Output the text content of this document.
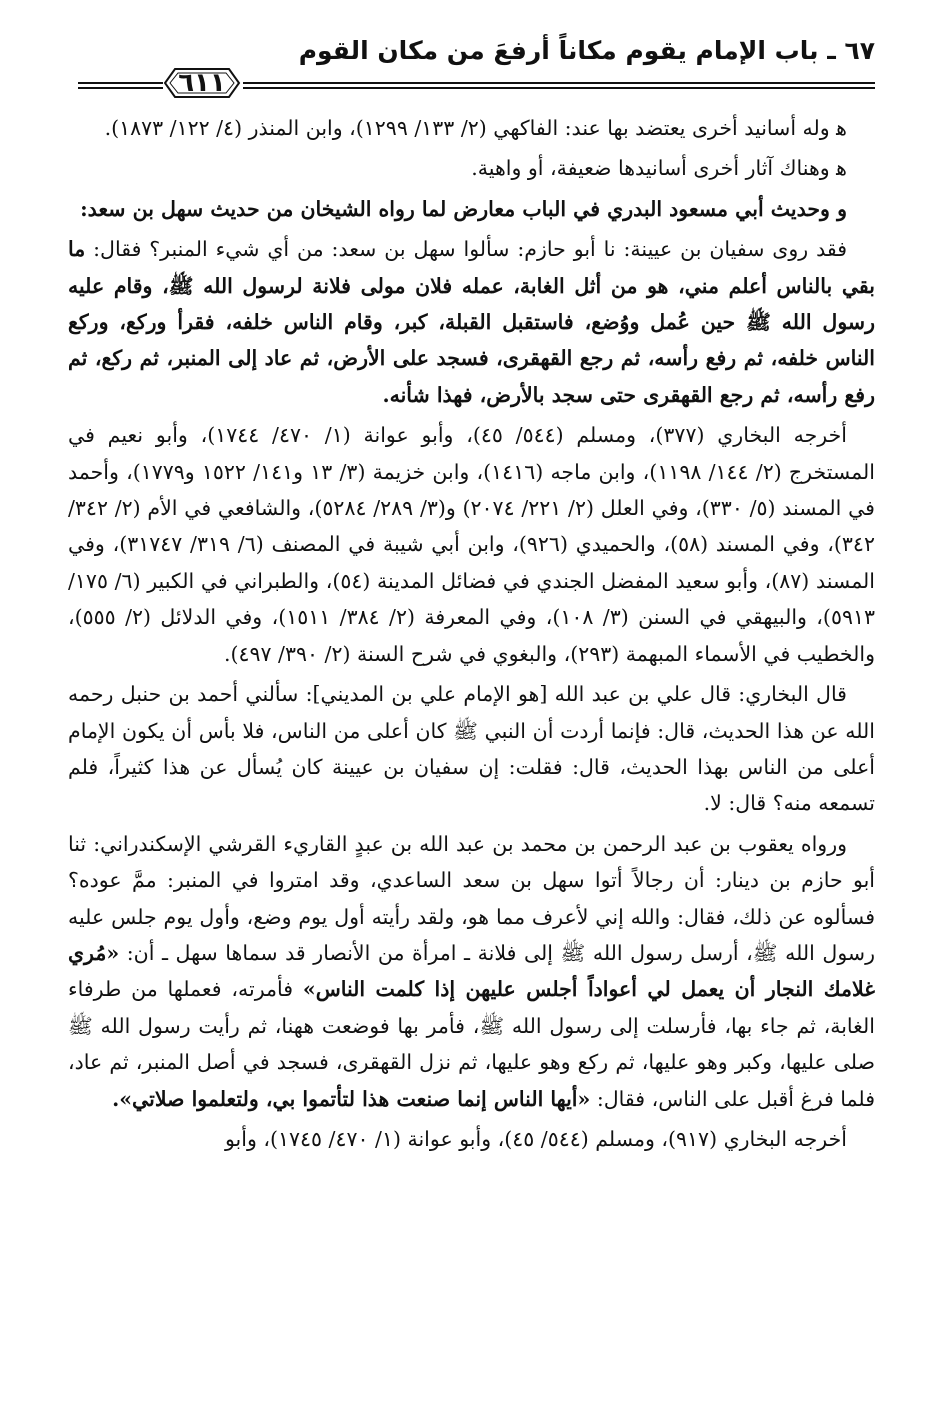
٦٧ ـ باب الإمام يقوم مكاناً أرفعَ من مكان القوم
٦١١

ﻫ وله أسانيد أخرى يعتضد بها عند: الفاكهي (٢/ ١٣٣/ ١٢٩٩)، وابن المنذر (٤/ ١٢٢/ ١٨٧٣).

ﻫ وهناك آثار أخرى أسانيدها ضعيفة، أو واهية.

ﻭ وحديث أبي مسعود البدري في الباب معارض لما رواه الشيخان من حديث سهل بن سعد:

فقد روى سفيان بن عيينة: نا أبو حازم: سألوا سهل بن سعد: من أي شيء المنبر؟ فقال: ما بقي بالناس أعلم مني، هو من أثل الغابة، عمله فلان مولى فلانة لرسول الله ﷺ، وقام عليه رسول الله ﷺ حين عُمل ووُضع، فاستقبل القبلة، كبر، وقام الناس خلفه، فقرأ وركع، وركع الناس خلفه، ثم رفع رأسه، ثم رجع القهقرى، فسجد على الأرض، ثم عاد إلى المنبر، ثم ركع، ثم رفع رأسه، ثم رجع القهقرى حتى سجد بالأرض، فهذا شأنه.

أخرجه البخاري (٣٧٧)، ومسلم (٥٤٤/ ٤٥)، وأبو عوانة (١/ ٤٧٠/ ١٧٤٤)، وأبو نعيم في المستخرج (٢/ ١٤٤/ ١١٩٨)، وابن ماجه (١٤١٦)، وابن خزيمة (٣/ ١٣ و١٤١/ ١٥٢٢ و١٧٧٩)، وأحمد في المسند (٥/ ٣٣٠)، وفي العلل (٢/ ٢٢١/ ٢٠٧٤) و(٣/ ٢٨٩/ ٥٢٨٤)، والشافعي في الأم (٢/ ٣٤٢/ ٣٤٢)، وفي المسند (٥٨)، والحميدي (٩٢٦)، وابن أبي شيبة في المصنف (٦/ ٣١٩/ ٣١٧٤٧)، وفي المسند (٨٧)، وأبو سعيد المفضل الجندي في فضائل المدينة (٥٤)، والطبراني في الكبير (٦/ ١٧٥/ ٥٩١٣)، والبيهقي في السنن (٣/ ١٠٨)، وفي المعرفة (٢/ ٣٨٤/ ١٥١١)، وفي الدلائل (٢/ ٥٥٥)، والخطيب في الأسماء المبهمة (٢٩٣)، والبغوي في شرح السنة (٢/ ٣٩٠/ ٤٩٧).

قال البخاري: قال علي بن عبد الله [هو الإمام علي بن المديني]: سألني أحمد بن حنبل رحمه الله عن هذا الحديث، قال: فإنما أردت أن النبي ﷺ كان أعلى من الناس، فلا بأس أن يكون الإمام أعلى من الناس بهذا الحديث، قال: فقلت: إن سفيان بن عيينة كان يُسأل عن هذا كثيراً، فلم تسمعه منه؟ قال: لا.

ورواه يعقوب بن عبد الرحمن بن محمد بن عبد الله بن عبدٍ القاريء القرشي الإسكندراني: ثنا أبو حازم بن دينار: أن رجالاً أتوا سهل بن سعد الساعدي، وقد امتروا في المنبر: ممَّ عوده؟ فسألوه عن ذلك، فقال: والله إني لأعرف مما هو، ولقد رأيته أول يوم وضع، وأول يوم جلس عليه رسول الله ﷺ، أرسل رسول الله ﷺ إلى فلانة ـ امرأة من الأنصار قد سماها سهل ـ أن: «مُري غلامك النجار أن يعمل لي أعواداً أجلس عليهن إذا كلمت الناس» فأمرته، فعملها من طرفاء الغابة، ثم جاء بها، فأرسلت إلى رسول الله ﷺ، فأمر بها فوضعت ههنا، ثم رأيت رسول الله ﷺ صلى عليها، وكبر وهو عليها، ثم ركع وهو عليها، ثم نزل القهقرى، فسجد في أصل المنبر، ثم عاد، فلما فرغ أقبل على الناس، فقال: «أيها الناس إنما صنعت هذا لتأتموا بي، ولتعلموا صلاتي».

أخرجه البخاري (٩١٧)، ومسلم (٥٤٤/ ٤٥)، وأبو عوانة (١/ ٤٧٠/ ١٧٤٥)، وأبو
